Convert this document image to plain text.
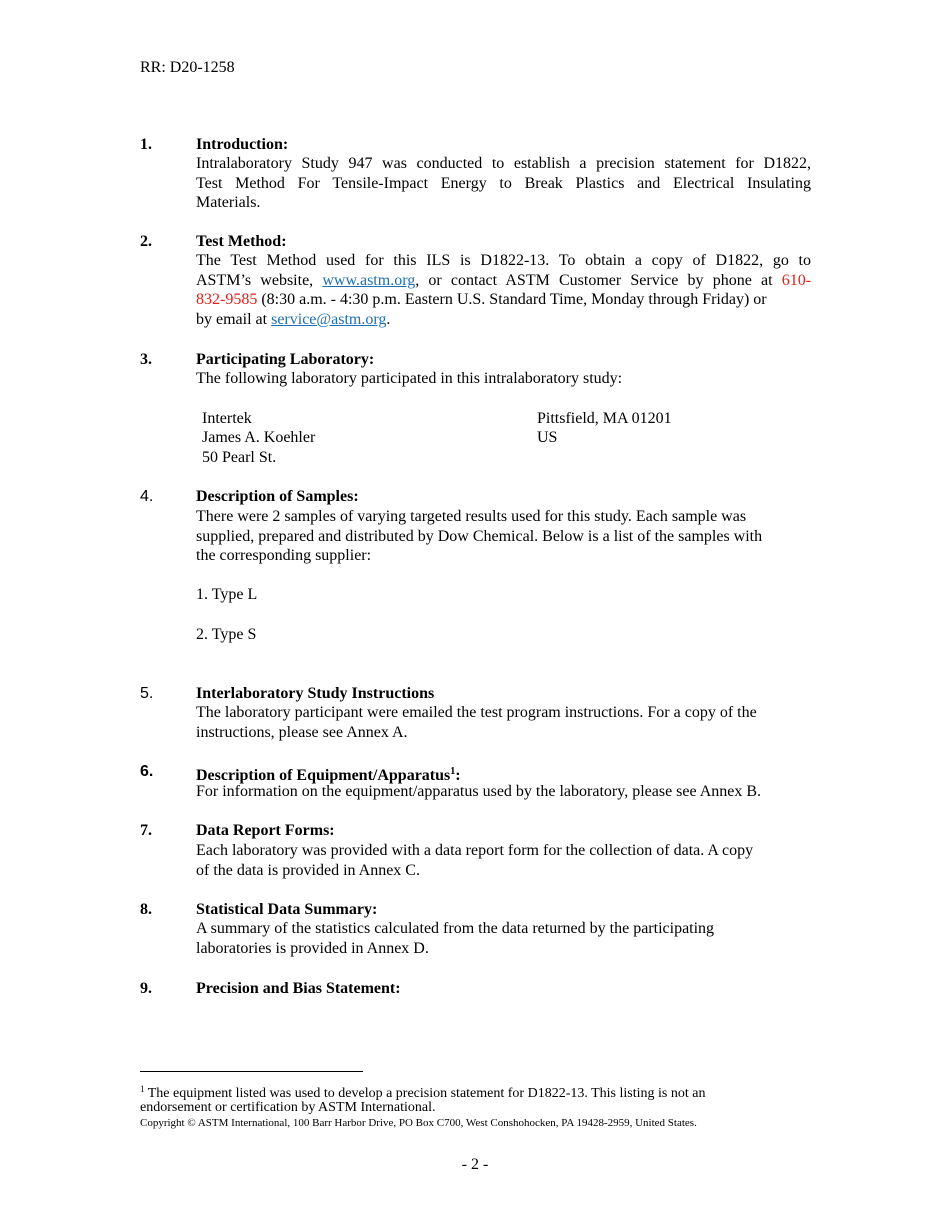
RR: D20-1258
1.	Introduction:
Intralaboratory Study 947 was conducted to establish a precision statement for D1822,
Test Method For Tensile-Impact Energy to Break Plastics and Electrical Insulating
Materials.
2.	Test Method:
The Test Method used for this ILS is D1822-13. To obtain a copy of D1822, go to
ASTM’s website, www.astm.org, or contact ASTM Customer Service by phone at 610-
832-9585 (8:30 a.m. - 4:30 p.m. Eastern U.S. Standard Time, Monday through Friday) or
by email at service@astm.org.
3.	Participating Laboratory:
The following laboratory participated in this intralaboratory study:
Intertek
James A. Koehler
50 Pearl St.
Pittsfield, MA 01201
US
4.	Description of Samples:
There were 2 samples of varying targeted results used for this study. Each sample was
supplied, prepared and distributed by Dow Chemical. Below is a list of the samples with
the corresponding supplier:
1. Type L
2. Type S
5.	Interlaboratory Study Instructions
The laboratory participant were emailed the test program instructions. For a copy of the
instructions, please see Annex A.
6.	Description of Equipment/Apparatus$^1$:
For information on the equipment/apparatus used by the laboratory, please see Annex B.
7.	Data Report Forms:
Each laboratory was provided with a data report form for the collection of data. A copy
of the data is provided in Annex C.
8.	Statistical Data Summary:
A summary of the statistics calculated from the data returned by the participating
laboratories is provided in Annex D.
9.	Precision and Bias Statement:
$^1$ The equipment listed was used to develop a precision statement for D1822-13. This listing is not an
endorsement or certification by ASTM International.
Copyright © ASTM International, 100 Barr Harbor Drive, PO Box C700, West Conshohocken, PA 19428-2959, United States.
- 2 -
